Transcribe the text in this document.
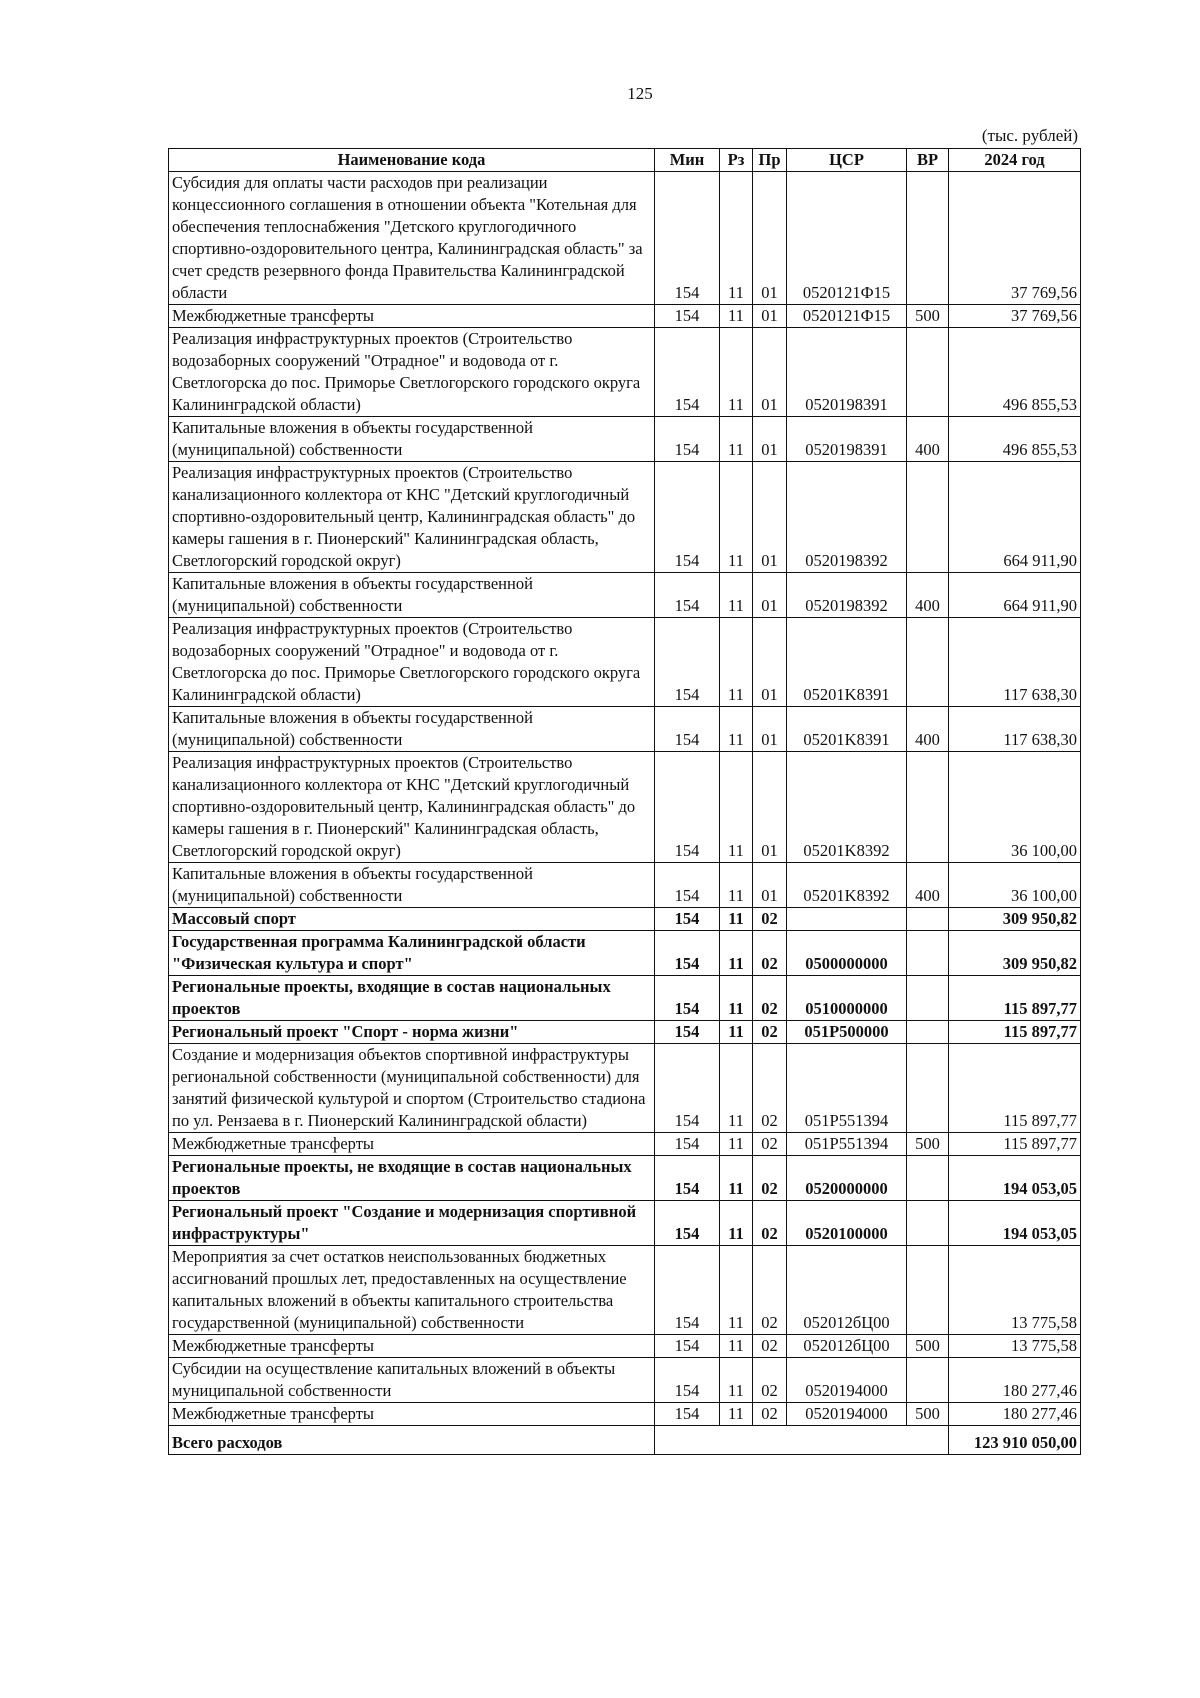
125
(тыс. рублей)
Наименование кода	Мин	Рз	Пр	ЦСР	ВР	2024 год
Субсидия для оплаты части расходов при реализации концессионного соглашения в отношении объекта "Котельная для обеспечения теплоснабжения "Детского круглогодичного спортивно-оздоровительного центра, Калининградская область" за счет средств резервного фонда Правительства Калининградской области	154	11	01	0520121Ф15		37 769,56
Межбюджетные трансферты	154	11	01	0520121Ф15	500	37 769,56
Реализация инфраструктурных проектов (Строительство водозаборных сооружений "Отрадное" и водовода от г. Светлогорска до пос. Приморье Светлогорского городского округа Калининградской области)	154	11	01	0520198391		496 855,53
Капитальные вложения в объекты государственной (муниципальной) собственности	154	11	01	0520198391	400	496 855,53
Реализация инфраструктурных проектов (Строительство канализационного коллектора от КНС "Детский круглогодичный спортивно-оздоровительный центр, Калининградская область" до камеры гашения в г. Пионерский" Калининградская область, Светлогорский городской округ)	154	11	01	0520198392		664 911,90
Капитальные вложения в объекты государственной (муниципальной) собственности	154	11	01	0520198392	400	664 911,90
Реализация инфраструктурных проектов (Строительство водозаборных сооружений "Отрадное" и водовода от г. Светлогорска до пос. Приморье Светлогорского городского округа Калининградской области)	154	11	01	05201K8391		117 638,30
Капитальные вложения в объекты государственной (муниципальной) собственности	154	11	01	05201K8391	400	117 638,30
Реализация инфраструктурных проектов (Строительство канализационного коллектора от КНС "Детский круглогодичный спортивно-оздоровительный центр, Калининградская область" до камеры гашения в г. Пионерский" Калининградская область, Светлогорский городской округ)	154	11	01	05201K8392		36 100,00
Капитальные вложения в объекты государственной (муниципальной) собственности	154	11	01	05201K8392	400	36 100,00
Массовый спорт	154	11	02			309 950,82
Государственная программа Калининградской области "Физическая культура и спорт"	154	11	02	0500000000		309 950,82
Региональные проекты, входящие в состав национальных проектов	154	11	02	0510000000		115 897,77
Региональный проект "Спорт - норма жизни"	154	11	02	051P500000		115 897,77
Создание и модернизация объектов спортивной инфраструктуры региональной собственности (муниципальной собственности) для занятий физической культурой и спортом (Строительство стадиона по ул. Рензаева в г. Пионерский Калининградской области)	154	11	02	051P551394		115 897,77
Межбюджетные трансферты	154	11	02	051P551394	500	115 897,77
Региональные проекты, не входящие в состав национальных проектов	154	11	02	0520000000		194 053,05
Региональный проект "Создание и модернизация спортивной инфраструктуры"	154	11	02	0520100000		194 053,05
Мероприятия за счет остатков неиспользованных бюджетных ассигнований прошлых лет, предоставленных на осуществление капитальных вложений в объекты капитального строительства государственной (муниципальной) собственности	154	11	02	052012бЦ00		13 775,58
Межбюджетные трансферты	154	11	02	052012бЦ00	500	13 775,58
Субсидии на осуществление капитальных вложений в объекты муниципальной собственности	154	11	02	0520194000		180 277,46
Межбюджетные трансферты	154	11	02	0520194000	500	180 277,46
Всего расходов						123 910 050,00
